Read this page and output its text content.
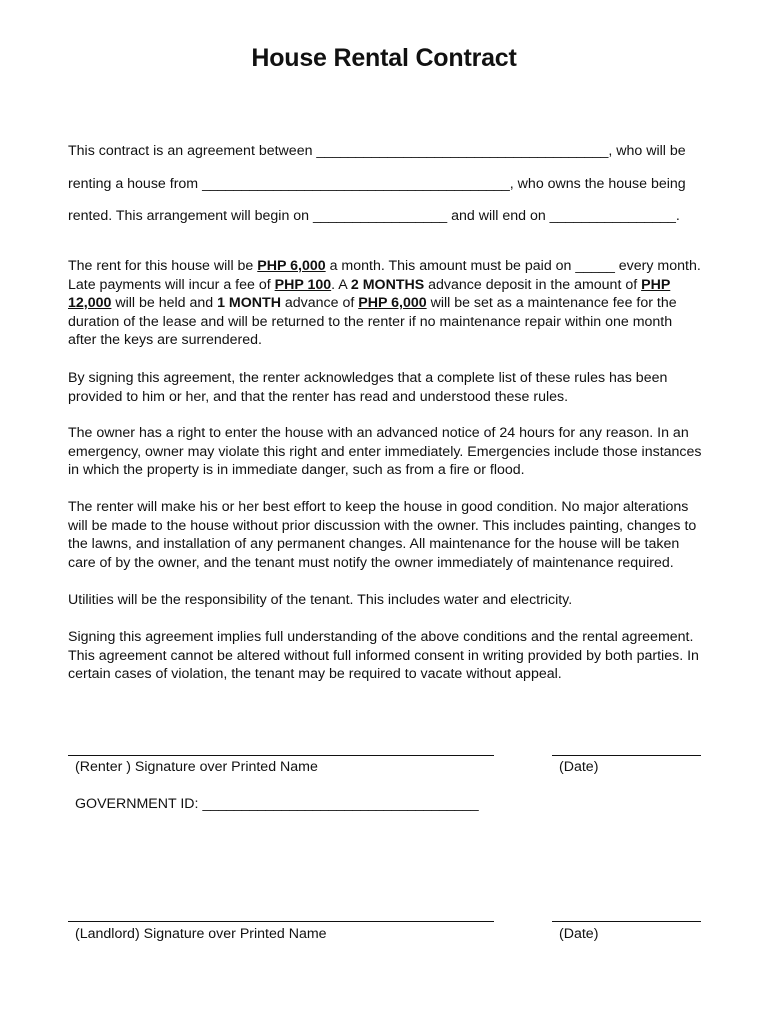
House Rental Contract
This contract is an agreement between _____________________________________, who will be
renting a house from _______________________________________, who owns the house being
rented. This arrangement will begin on _________________ and will end on ________________.
The rent for this house will be PHP 6,000 a month. This amount must be paid on _____ every month. Late payments will incur a fee of PHP 100. A 2 MONTHS advance deposit in the amount of PHP 12,000 will be held and 1 MONTH advance of PHP 6,000 will be set as a maintenance fee for the duration of the lease and will be returned to the renter if no maintenance repair within one month after the keys are surrendered.
By signing this agreement, the renter acknowledges that a complete list of these rules has been provided to him or her, and that the renter has read and understood these rules.
The owner has a right to enter the house with an advanced notice of 24 hours for any reason. In an emergency, owner may violate this right and enter immediately. Emergencies include those instances in which the property is in immediate danger, such as from a fire or flood.
The renter will make his or her best effort to keep the house in good condition. No major alterations will be made to the house without prior discussion with the owner. This includes painting, changes to the lawns, and installation of any permanent changes. All maintenance for the house will be taken care of by the owner, and the tenant must notify the owner immediately of maintenance required.
Utilities will be the responsibility of the tenant. This includes water and electricity.
Signing this agreement implies full understanding of the above conditions and the rental agreement. This agreement cannot be altered without full informed consent in writing provided by both parties. In certain cases of violation, the tenant may be required to vacate without appeal.
(Renter ) Signature over Printed Name	(Date)
GOVERNMENT ID: ___________________________________
(Landlord) Signature over Printed Name	(Date)
